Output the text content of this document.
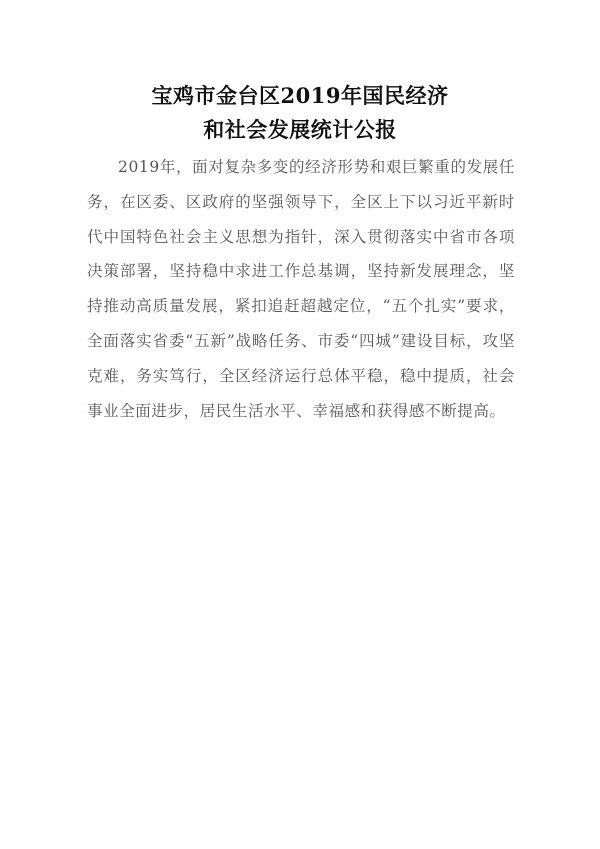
宝鸡市金台区2019年国民经济
和社会发展统计公报

2019年，面对复杂多变的经济形势和艰巨繁重的发展任务，在区委、区政府的坚强领导下，全区上下以习近平新时代中国特色社会主义思想为指针，深入贯彻落实中省市各项决策部署，坚持稳中求进工作总基调，坚持新发展理念，坚持推动高质量发展，紧扣追赶超越定位，“五个扎实”要求，全面落实省委“五新”战略任务、市委“四城”建设目标，攻坚克难，务实笃行，全区经济运行总体平稳，稳中提质，社会事业全面进步，居民生活水平、幸福感和获得感不断提高。
